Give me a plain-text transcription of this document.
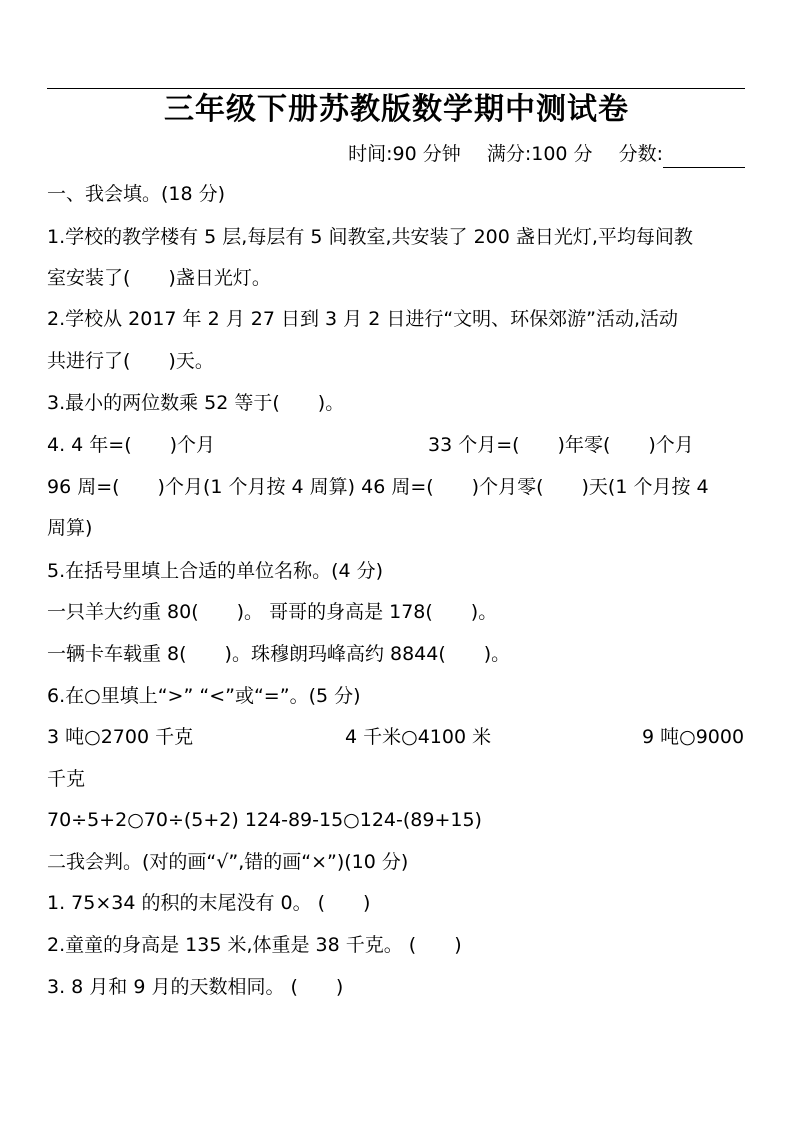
三年级下册苏教版数学期中测试卷
时间:90 分钟 满分:100 分 分数:
一、我会填。(18 分)
1.学校的教学楼有 5 层,每层有 5 间教室,共安装了 200 盏日光灯,平均每间教
室安装了(　　)盏日光灯。
2.学校从 2017 年 2 月 27 日到 3 月 2 日进行“文明、环保郊游”活动,活动
共进行了(　　)天。
3.最小的两位数乘 52 等于(　　)。
4. 4 年=(　　)个月	33 个月=(　　)年零(　　)个月
96 周=(　　)个月(1 个月按 4 周算) 46 周=(　　)个月零(　　)天(1 个月按 4
周算)
5.在括号里填上合适的单位名称。(4 分)
一只羊大约重 80(　　)。 哥哥的身高是 178(　　)。
一辆卡车载重 8(　　)。珠穆朗玛峰高约 8844(　　)。
6.在○里填上“>” “<”或“=”。(5 分)
3 吨○2700 千克	4 千米○4100 米	9 吨○9000
千克
70÷5+2○70÷(5+2) 124-89-15○124-(89+15)
二我会判。(对的画“√”,错的画“×”)(10 分)
1. 75×34 的积的末尾没有 0。 (　　)
2.童童的身高是 135 米,体重是 38 千克。 (　　)
3. 8 月和 9 月的天数相同。 (　　)
